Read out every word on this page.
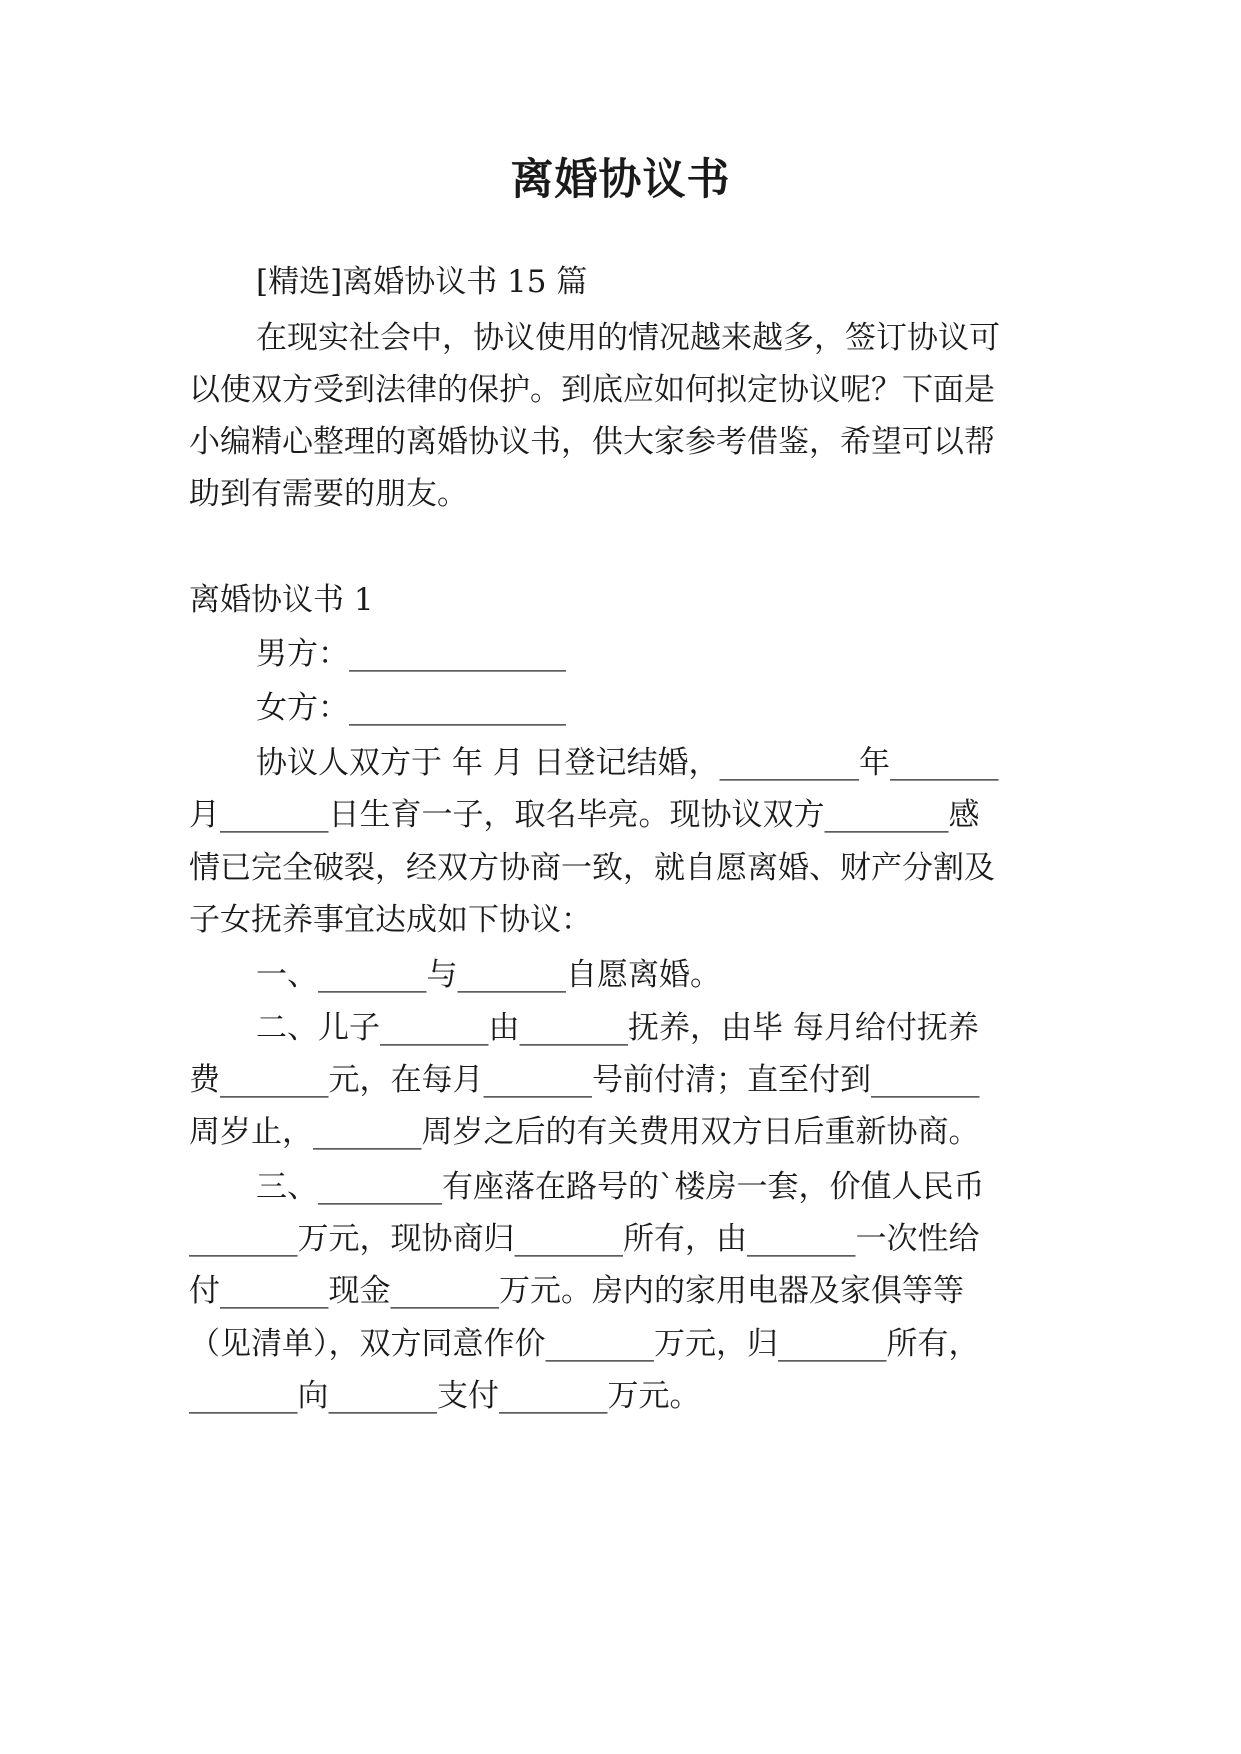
离婚协议书
[精选]离婚协议书 15 篇
在现实社会中，协议使用的情况越来越多，签订协议可
以使双方受到法律的保护。到底应如何拟定协议呢？下面是
小编精心整理的离婚协议书，供大家参考借鉴，希望可以帮
助到有需要的朋友。
离婚协议书 1
男方：______________
女方：______________
协议人双方于 年 月 日登记结婚，_________年_______
月_______日生育一子，取名毕亮。现协议双方________感
情已完全破裂，经双方协商一致，就自愿离婚、财产分割及
子女抚养事宜达成如下协议：
一、_______与_______自愿离婚。
二、儿子_______由_______抚养，由毕 每月给付抚养
费_______元，在每月_______号前付清；直至付到_______
周岁止，_______周岁之后的有关费用双方日后重新协商。
三、________有座落在路号的`楼房一套，价值人民币
_______万元，现协商归_______所有，由_______一次性给
付_______现金_______万元。房内的家用电器及家俱等等
（见清单），双方同意作价_______万元，归_______所有，
_______向_______支付_______万元。
